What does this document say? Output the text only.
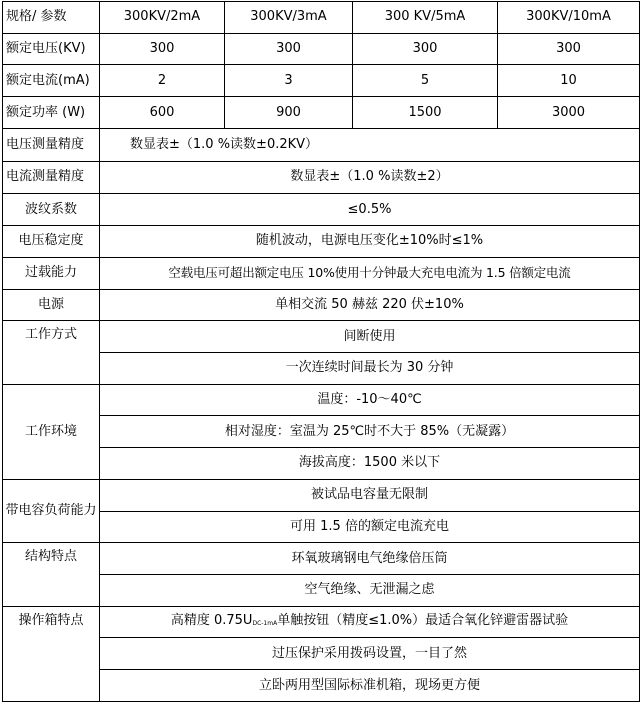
规格/ 参数	300KV/2mA	300KV/3mA	300 KV/5mA	300KV/10mA
额定电压(KV)	300	300	300	300
额定电流(mA)	2	3	5	10
额定功率 (W)	600	900	1500	3000
电压测量精度	数显表±（1.0 %读数±0.2KV）			
电流测量精度	数显表±（1.0 %读数±2）			
波纹系数	≤0.5%			
电压稳定度	随机波动，电源电压变化±10%时≤1%			
过载能力	空载电压可超出额定电压 10%使用十分钟最大充电电流为 1.5 倍额定电流			
电源	单相交流 50 赫兹 220 伏±10%			
工作方式	间断使用			
	一次连续时间最长为 30 分钟			
工作环境	温度：-10～40℃			
	相对湿度：室温为 25℃时不大于 85%（无凝露）			
	海拔高度：1500 米以下			
带电容负荷能力	被试品电容量无限制			
	可用 1.5 倍的额定电流充电			
结构特点	环氧玻璃钢电气绝缘倍压筒			
	空气绝缘、无泄漏之虑			
操作箱特点	高精度 0.75UDC-1mA单触按钮（精度≤1.0%）最适合氧化锌避雷器试验			
	过压保护采用拨码设置，一目了然			
	立卧两用型国际标准机箱，现场更方便			
